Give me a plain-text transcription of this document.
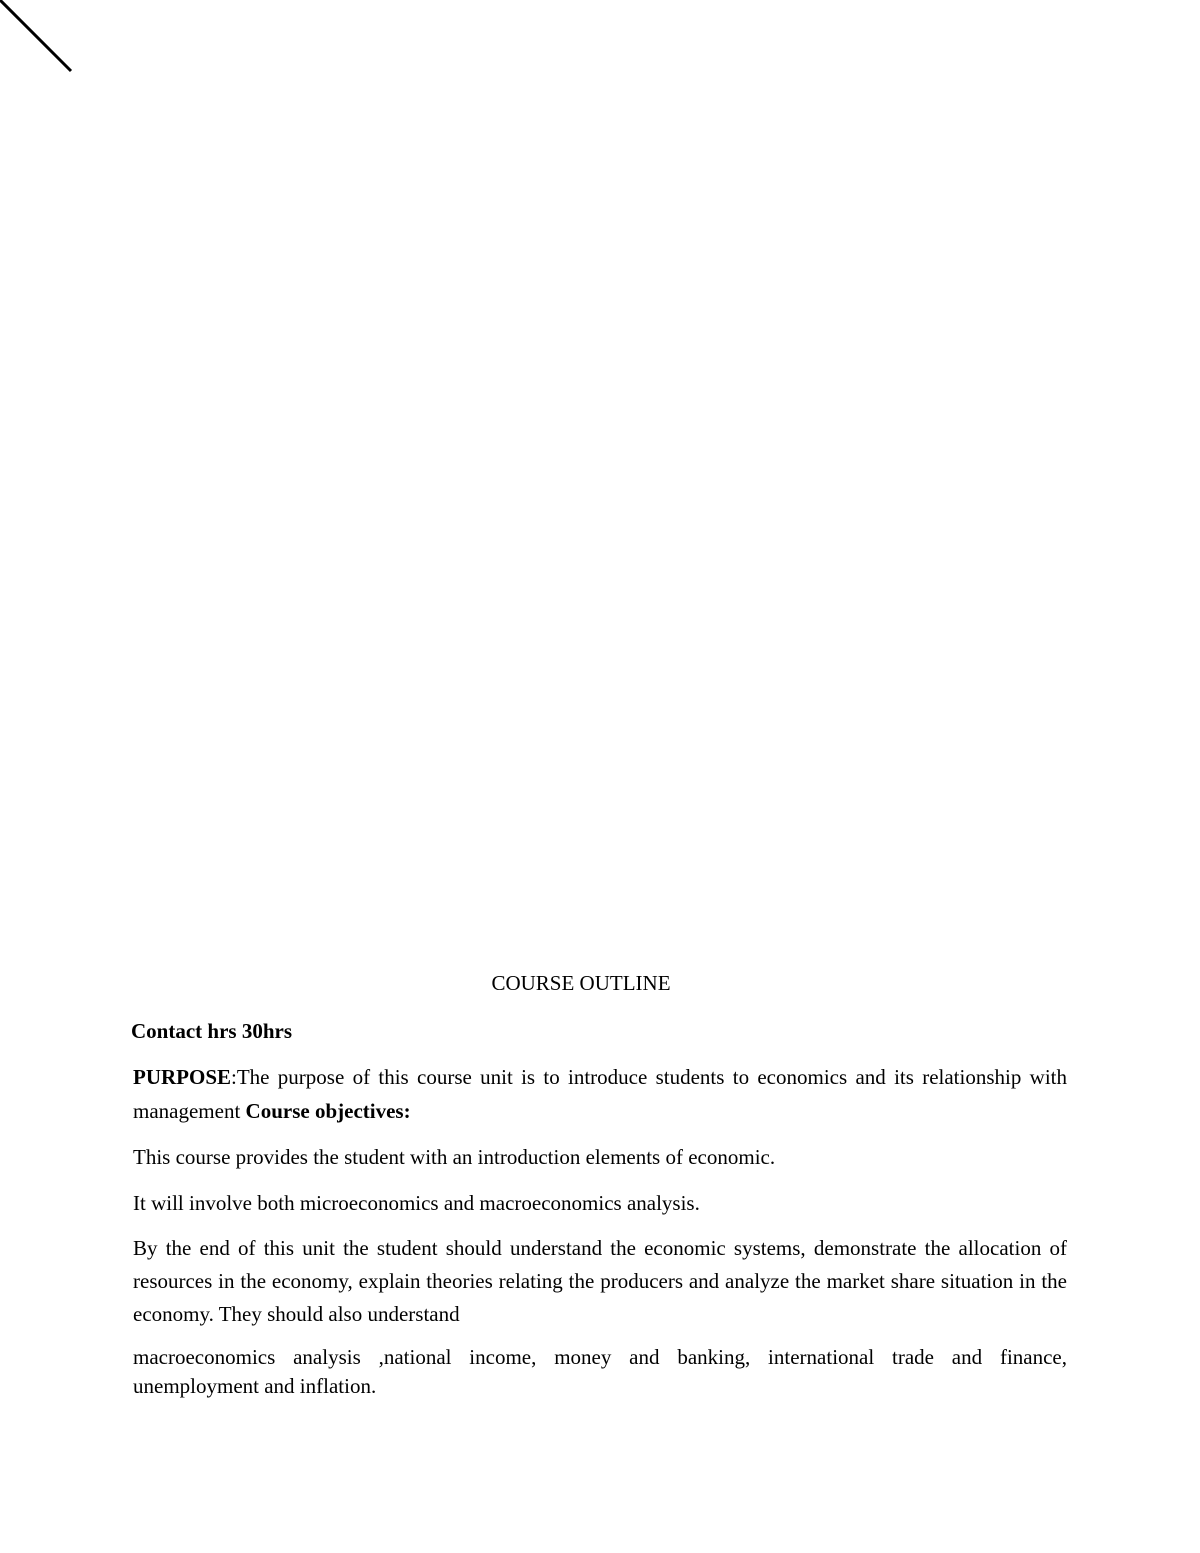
COURSE OUTLINE
Contact hrs 30hrs

PURPOSE:The purpose of this course unit is to introduce students to economics and its relationship with management Course objectives:

This course provides the student with an introduction elements of economic.

It will involve both microeconomics and macroeconomics analysis.

By the end of this unit the student should understand the economic systems, demonstrate the allocation of resources in the economy, explain theories relating the producers and analyze the market share situation in the economy. They should also understand

macroeconomics analysis ,national income, money and banking, international trade and finance, unemployment and inflation.
